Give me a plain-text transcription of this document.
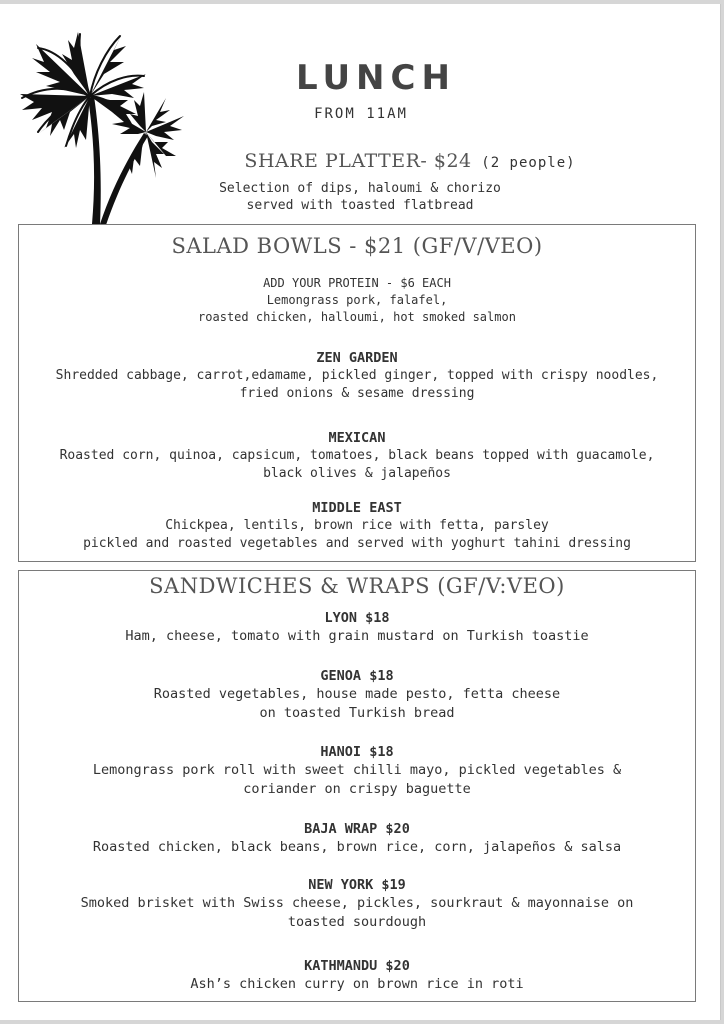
LUNCH
FROM 11AM
SHARE PLATTER- $24 (2 people)
Selection of dips, haloumi & chorizo
served with toasted flatbread
SALAD BOWLS - $21 (GF/V/VEO)
ADD YOUR PROTEIN - $6 EACH
Lemongrass pork, falafel,
roasted chicken, halloumi, hot smoked salmon
ZEN GARDEN
Shredded cabbage, carrot,edamame, pickled ginger, topped with crispy noodles,
fried onions & sesame dressing
MEXICAN
Roasted corn, quinoa, capsicum, tomatoes, black beans topped with guacamole,
black olives & jalapeños
MIDDLE EAST
Chickpea, lentils, brown rice with fetta, parsley
pickled and roasted vegetables and served with yoghurt tahini dressing
SANDWICHES & WRAPS (GF/V:VEO)
LYON $18
Ham, cheese, tomato with grain mustard on Turkish toastie
GENOA $18
Roasted vegetables, house made pesto, fetta cheese
on toasted Turkish bread
HANOI $18
Lemongrass pork roll with sweet chilli mayo, pickled vegetables &
coriander on crispy baguette
BAJA WRAP $20
Roasted chicken, black beans, brown rice, corn, jalapeños & salsa
NEW YORK $19
Smoked brisket with Swiss cheese, pickles, sourkraut & mayonnaise on
toasted sourdough
KATHMANDU $20
Ash’s chicken curry on brown rice in roti
